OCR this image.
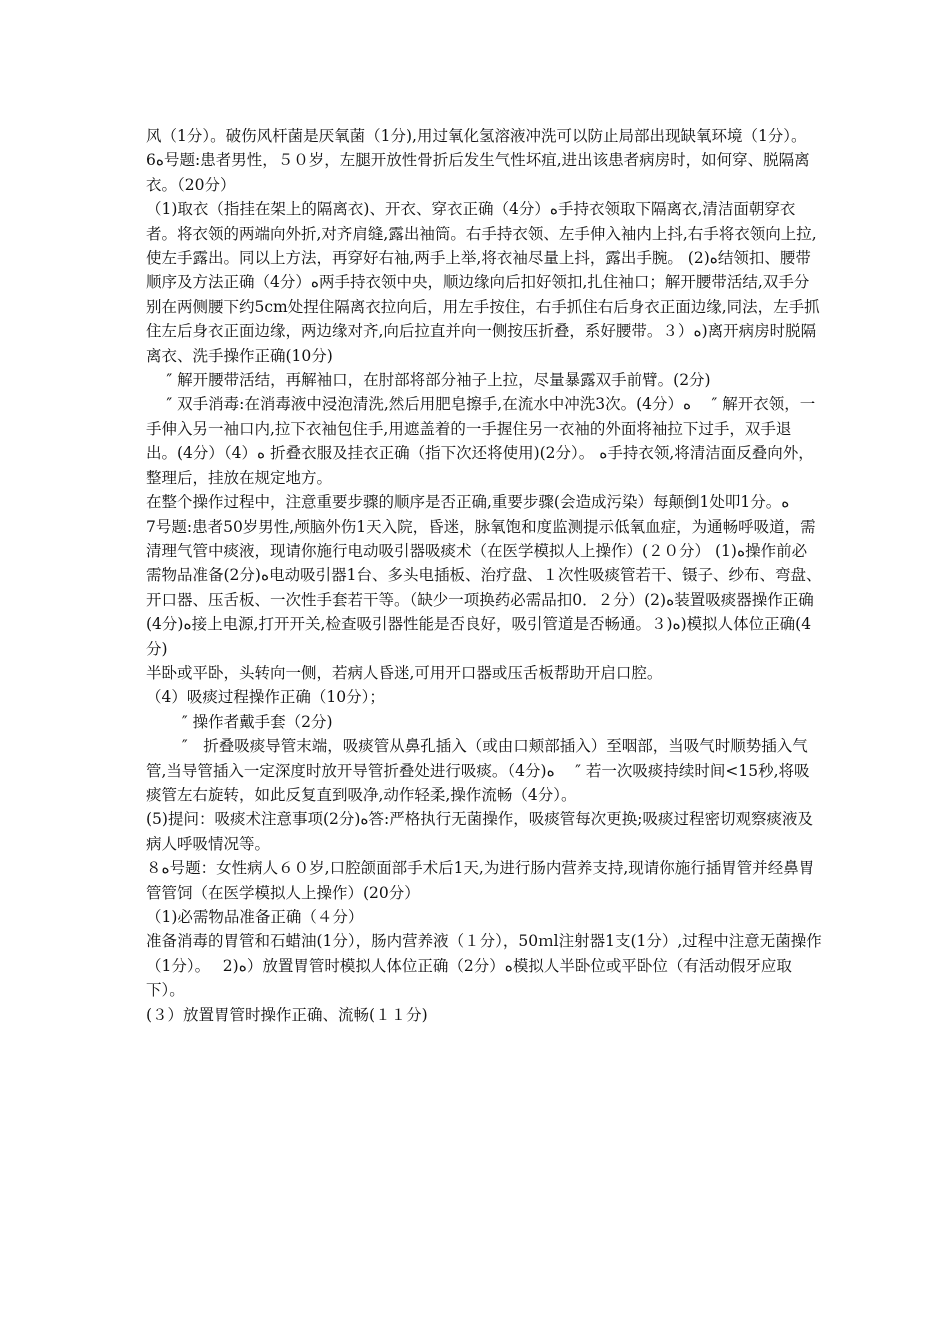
风（1分）。破伤风杆菌是厌氧菌（1分),用过氧化氢溶液冲洗可以防止局部出现缺氧环境（1分）。

6ﻩ号题:患者男性，５０岁，左腿开放性骨折后发生气性坏疽,进出该患者病房时，如何穿、脱隔离衣。（20分）

（1)取衣（指挂在架上的隔离衣)、开衣、穿衣正确（4分）ﻩ手持衣领取下隔离衣,清洁面朝穿衣者。将衣领的两端向外折,对齐肩缝,露出袖筒。右手持衣领、左手伸入袖内上抖,右手将衣领向上拉,使左手露出。同以上方法，再穿好右袖,两手上举,将衣袖尽量上抖，露出手腕。 (2)ﻩ结领扣、腰带顺序及方法正确（4分）ﻩ两手持衣领中央，顺边缘向后扣好领扣,扎住袖口；解开腰带活结,双手分别在两侧腰下约5cm处捏住隔离衣拉向后，用左手按住，右手抓住右后身衣正面边缘,同法，左手抓住左后身衣正面边缘，两边缘对齐,向后拉直并向一侧按压折叠，系好腰带。３）ﻩ)离开病房时脱隔离衣、洗手操作正确(10分)

　 ″ 解开腰带活结，再解袖口，在肘部将部分袖子上拉，尽量暴露双手前臂。(2分)

　 ″ 双手消毒:在消毒液中浸泡清洗,然后用肥皂擦手,在流水中冲洗3次。(4分）ﻩ　 ″ 解开衣领，一手伸入另一袖口内,拉下衣袖包住手,用遮盖着的一手握住另一衣袖的外面将袖拉下过手，双手退出。(4分）（4）ﻩ 折叠衣服及挂衣正确（指下次还将使用)(2分）。 ﻩ手持衣领,将清洁面反叠向外，整理后，挂放在规定地方。

在整个操作过程中，注意重要步骤的顺序是否正确,重要步骤(会造成污染）每颠倒1处叩1分。ﻩ

7号题:患者50岁男性,颅脑外伤1天入院，昏迷，脉氧饱和度监测提示低氧血症，为通畅呼吸道，需清理气管中痰液，现请你施行电动吸引器吸痰术（在医学模拟人上操作）(２０分） (1)ﻩ操作前必需物品准备(2分)ﻩ电动吸引器1台、多头电插板、治疗盘、１次性吸痰管若干、镊子、纱布、弯盘、开口器、压舌板、一次性手套若干等。（缺少一项换药必需品扣0．２分）(2)ﻩ装置吸痰器操作正确(4分)ﻩ接上电源,打开开关,检查吸引器性能是否良好，吸引管道是否畅通。３)ﻩ)模拟人体位正确(4分)

半卧或平卧，头转向一侧，若病人昏迷,可用开口器或压舌板帮助开启口腔。

（4）吸痰过程操作正确（10分）；

　　 ″ 操作者戴手套（2分)

　　 ″　折叠吸痰导管末端，吸痰管从鼻孔插入（或由口颊部插入）至咽部，当吸气时顺势插入气管,当导管插入一定深度时放开导管折叠处进行吸痰。（4分)ﻩ　 ″ 若一次吸痰持续时间<15秒,将吸痰管左右旋转，如此反复直到吸净,动作轻柔,操作流畅（4分）。

(5)提问：吸痰术注意事项(2分)ﻩ答:严格执行无菌操作，吸痰管每次更换;吸痰过程密切观察痰液及病人呼吸情况等。

８ﻩ号题：女性病人６０岁,口腔颌面部手术后1天,为进行肠内营养支持,现请你施行插胃管并经鼻胃管管饲（在医学模拟人上操作）(20分）

（1)必需物品准备正确（４分）

准备消毒的胃管和石蜡油(1分），肠内营养液（１分），50ｍl注射器1支(1分）,过程中注意无菌操作（1分）。　 2)ﻩ）放置胃管时模拟人体位正确（2分）ﻩ模拟人半卧位或平卧位（有活动假牙应取下）。

(３）放置胃管时操作正确、流畅(１１分)
